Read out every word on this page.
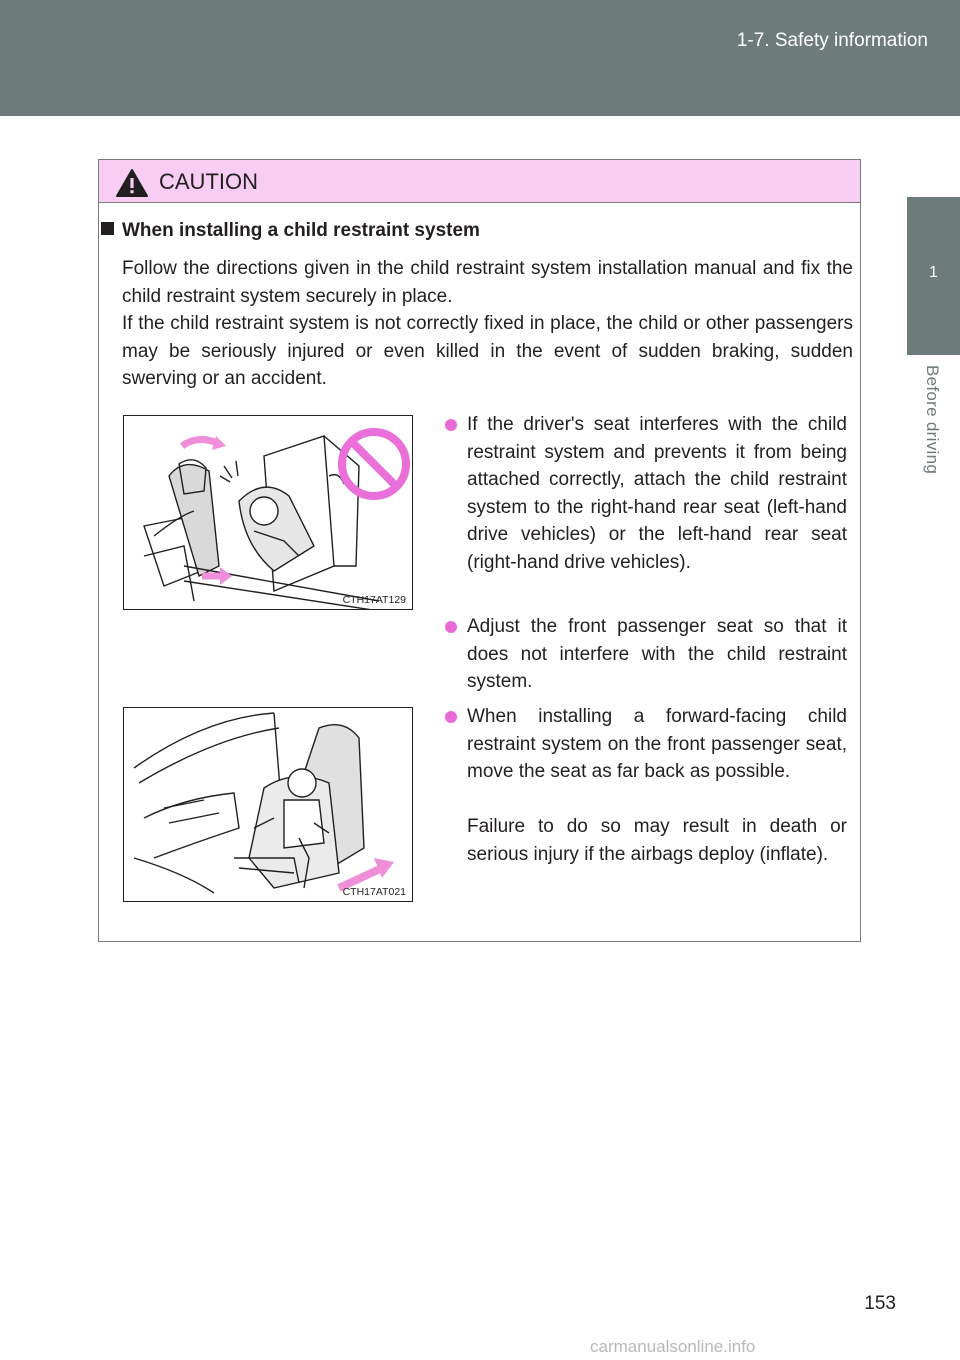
1-7. Safety information
1
Before driving
CAUTION
When installing a child restraint system

Follow the directions given in the child restraint system installation manual and fix the child restraint system securely in place.

If the child restraint system is not correctly fixed in place, the child or other passengers may be seriously injured or even killed in the event of sudden braking, sudden swerving or an accident.

CTH17AT129
CTH17AT021

If the driver's seat interferes with the child restraint system and prevents it from being attached correctly, attach the child restraint system to the right-hand rear seat (left-hand drive vehicles) or the left-hand rear seat (right-hand drive vehicles).

Adjust the front passenger seat so that it does not interfere with the child restraint system.

When installing a forward-facing child restraint system on the front passenger seat, move the seat as far back as possible.

Failure to do so may result in death or serious injury if the airbags deploy (inflate).

153
carmanualsonline.info
